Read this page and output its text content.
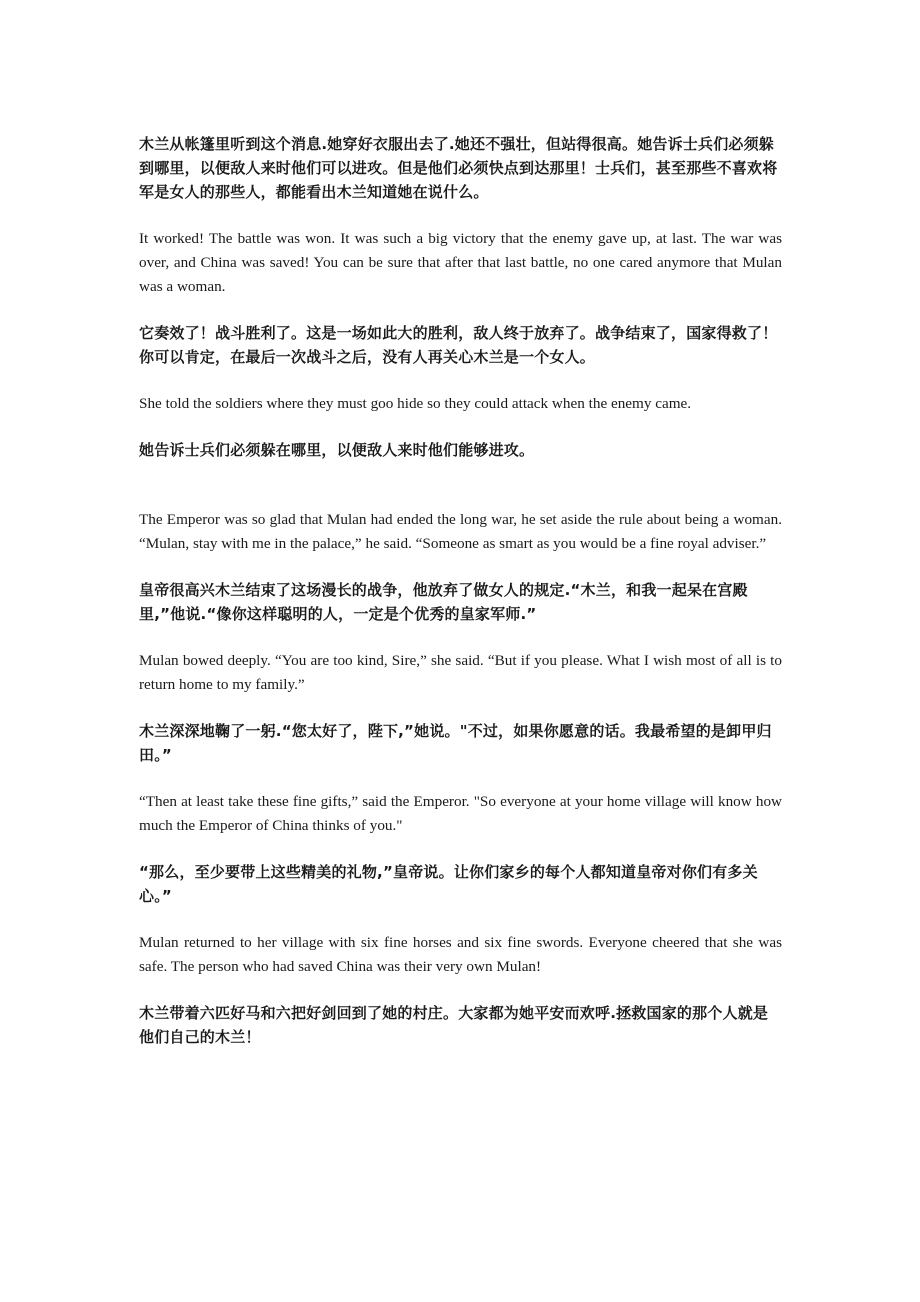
木兰从帐篷里听到这个消息.她穿好衣服出去了.她还不强壮，但站得很高。她告诉士兵们必须躲到哪里，以便敌人来时他们可以进攻。但是他们必须快点到达那里！士兵们，甚至那些不喜欢将军是女人的那些人，都能看出木兰知道她在说什么。

It worked! The battle was won. It was such a big victory that the enemy gave up, at last. The war was over, and China was saved! You can be sure that after that last battle, no one cared anymore that Mulan was a woman.

它奏效了！战斗胜利了。这是一场如此大的胜利，敌人终于放弃了。战争结束了，国家得救了！你可以肯定，在最后一次战斗之后，没有人再关心木兰是一个女人。

She told the soldiers where they must goo hide so they could attack when the enemy came.

她告诉士兵们必须躲在哪里，以便敌人来时他们能够进攻。

The Emperor was so glad that Mulan had ended the long war, he set aside the rule about being a woman. “Mulan, stay with me in the palace,” he said. “Someone as smart as you would be a fine royal adviser.”

皇帝很高兴木兰结束了这场漫长的战争，他放弃了做女人的规定.“木兰，和我一起呆在宫殿里,”他说.“像你这样聪明的人，一定是个优秀的皇家军师.”

Mulan bowed deeply. “You are too kind, Sire,” she said. “But if you please. What I wish most of all is to return home to my family.”

木兰深深地鞠了一躬.“您太好了，陛下,”她说。"不过，如果你愿意的话。我最希望的是卸甲归田。”

“Then at least take these fine gifts,” said the Emperor. "So everyone at your home village will know how much the Emperor of China thinks of you."

“那么，至少要带上这些精美的礼物,”皇帝说。让你们家乡的每个人都知道皇帝对你们有多关心。”

Mulan returned to her village with six fine horses and six fine swords. Everyone cheered that she was safe. The person who had saved China was their very own Mulan!

木兰带着六匹好马和六把好剑回到了她的村庄。大家都为她平安而欢呼.拯救国家的那个人就是他们自己的木兰！
